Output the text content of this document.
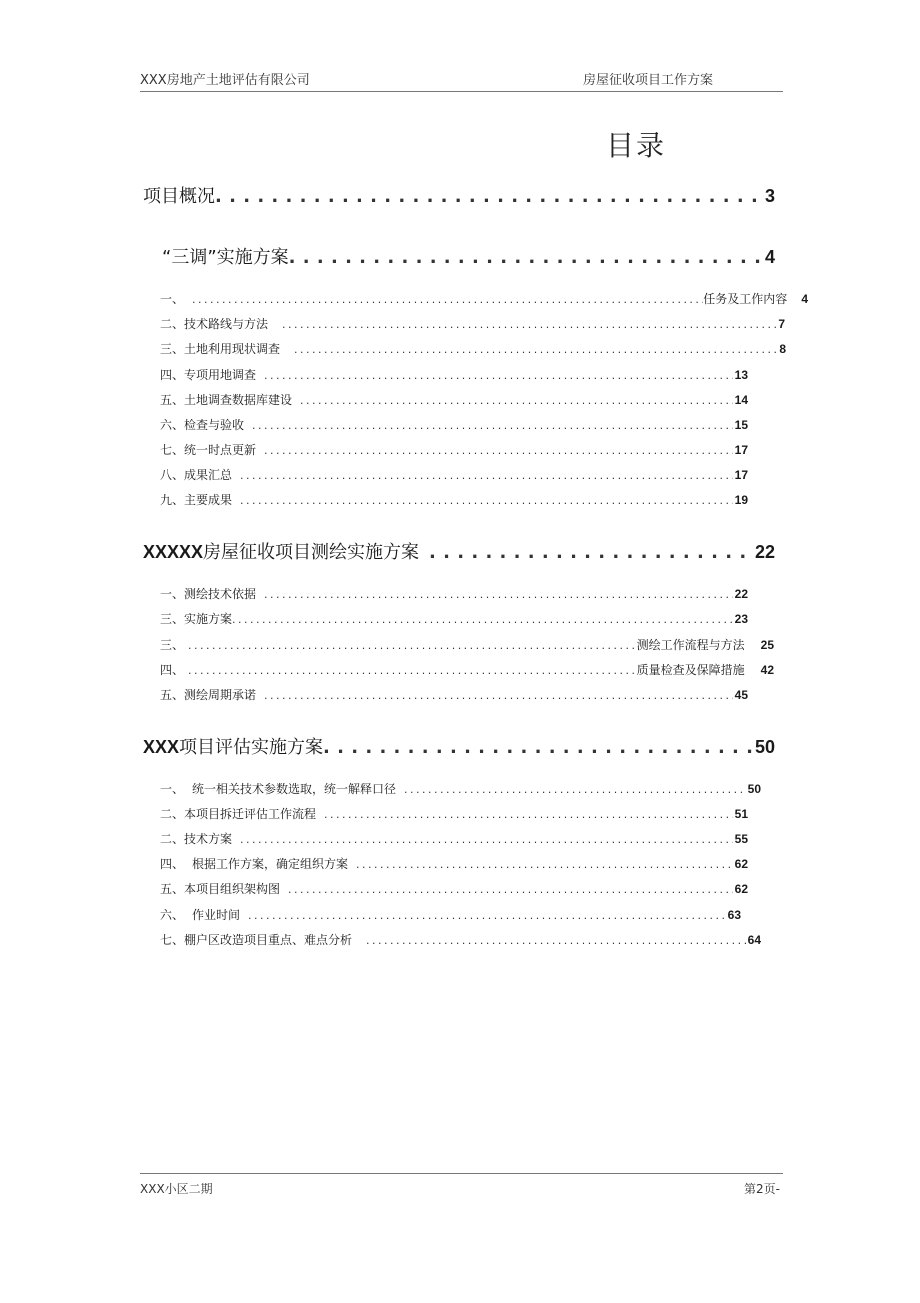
XXX房地产土地评估有限公司	房屋征收项目工作方案
目录
项目概况 . . .	3
“三调”实施方案 . . .	4
一、 . . .	任务及工作内容 4
二、 技术路线与方法 . . .	7
三、 土地利用现状调查 . . .	8
四、 专项用地调查 . . .	13
五、 土地调查数据库建设 . . .	14
六、 检查与验收 . . .	15
七、 统一时点更新 . . .	17
八、 成果汇总 . . .	17
九、 主要成果 . . .	19
XXXXX 房屋征收项目测绘实施方案 . . .	22
一、 测绘技术依据 . . .	22
三、 实施方案 . . .	23
三、 . . .	测绘工作流程与方法 25
四、 . . .	质量检查及保障措施 42
五、 测绘周期承诺 . . .	45
XXX 项目评估实施方案 . . .	50
一、 统一相关技术参数选取，统一解释口径 . . .	50
二、 本项目拆迁评估工作流程 . . .	51
二、 技术方案 . . .	55
四、 根据工作方案，确定组织方案 . . .	62
五、 本项目组织架构图 . . .	62
六、 作业时间 . . .	63
七、 棚户区改造项目重点、难点分析 . . .	64
XXX小区二期	第2页-
